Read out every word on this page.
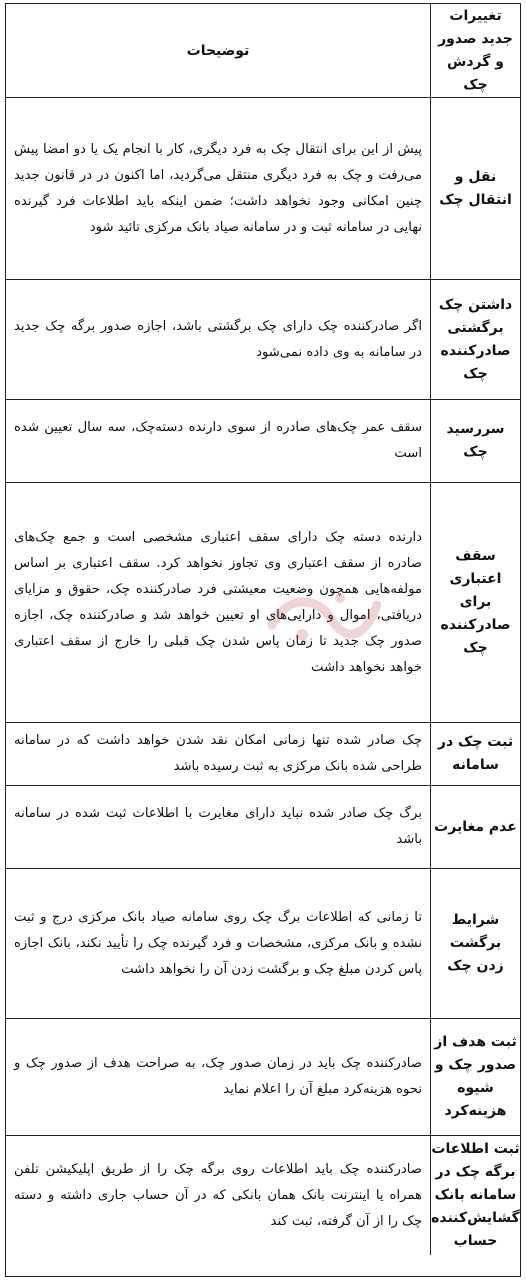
تغییرات جدید صدور و گردش چک
توضیحات
نقل و انتقال چک
پیش از این برای انتقال چک به فرد دیگری، کار با انجام یک یا دو امضا پیش می‌رفت و چک به فرد دیگری منتقل می‌گردید، اما اکنون در در قانون جدید چنین امکانی وجود نخواهد داشت؛ ضمن اینکه باید اطلاعات فرد گیرنده نهایی در سامانه ثبت و در سامانه صیاد بانک مرکزی تائید شود
داشتن چک برگشتی صادرکننده چک
اگر صادرکننده چک دارای چک برگشتی باشد، اجازه صدور برگه چک جدید در سامانه به وی داده نمی‌شود
سررسید چک
سقف عمر چک‌های صادره از سوی دارنده دسته‌چک، سه سال تعیین شده است
سقف اعتباری برای صادرکننده چک
دارنده دسته چک دارای سقف اعتباری مشخصی است و جمع چک‌های صادره از سقف اعتباری وی تجاوز نخواهد کرد. سقف اعتباری بر اساس مولفه‌هایی همچون وضعیت معیشتی فرد صادرکننده چک، حقوق و مزایای دریافتی، اموال و دارایی‌های او تعیین خواهد شد و صادرکننده چک، اجازه صدور چک جدید تا زمان پاس شدن چک قبلی را خارج از سقف اعتباری خواهد نخواهد داشت
ثبت چک در سامانه
چک صادر شده تنها زمانی امکان نقد شدن خواهد داشت که در سامانه طراحی شده بانک مرکزی به ثبت رسیده باشد
عدم مغایرت
برگ چک صادر شده نباید دارای مغایرت با اطلاعات ثبت شده در سامانه باشد
شرایط برگشت زدن چک
تا زمانی که اطلاعات برگ چک روی سامانه صیاد بانک مرکزی درج و ثبت نشده و بانک مرکزی، مشخصات و فرد گیرنده چک را تأیید نکند، بانک اجازه پاس کردن مبلغ چک و برگشت زدن آن را نخواهد داشت
ثبت هدف از صدور چک و شیوه هزینه‌کرد
صادرکننده چک باید در زمان صدور چک، به صراحت هدف از صدور چک و نحوه هزینه‌کرد مبلغ آن را اعلام نماید
ثبت اطلاعات برگه چک در سامانه بانک گشایش‌کننده حساب
صادرکننده چک باید اطلاعات روی برگه چک را از طریق اپلیکیشن تلفن همراه یا اینترنت بانک همان بانکی که در آن حساب جاری داشته و دسته چک را از آن گرفته، ثبت کند
